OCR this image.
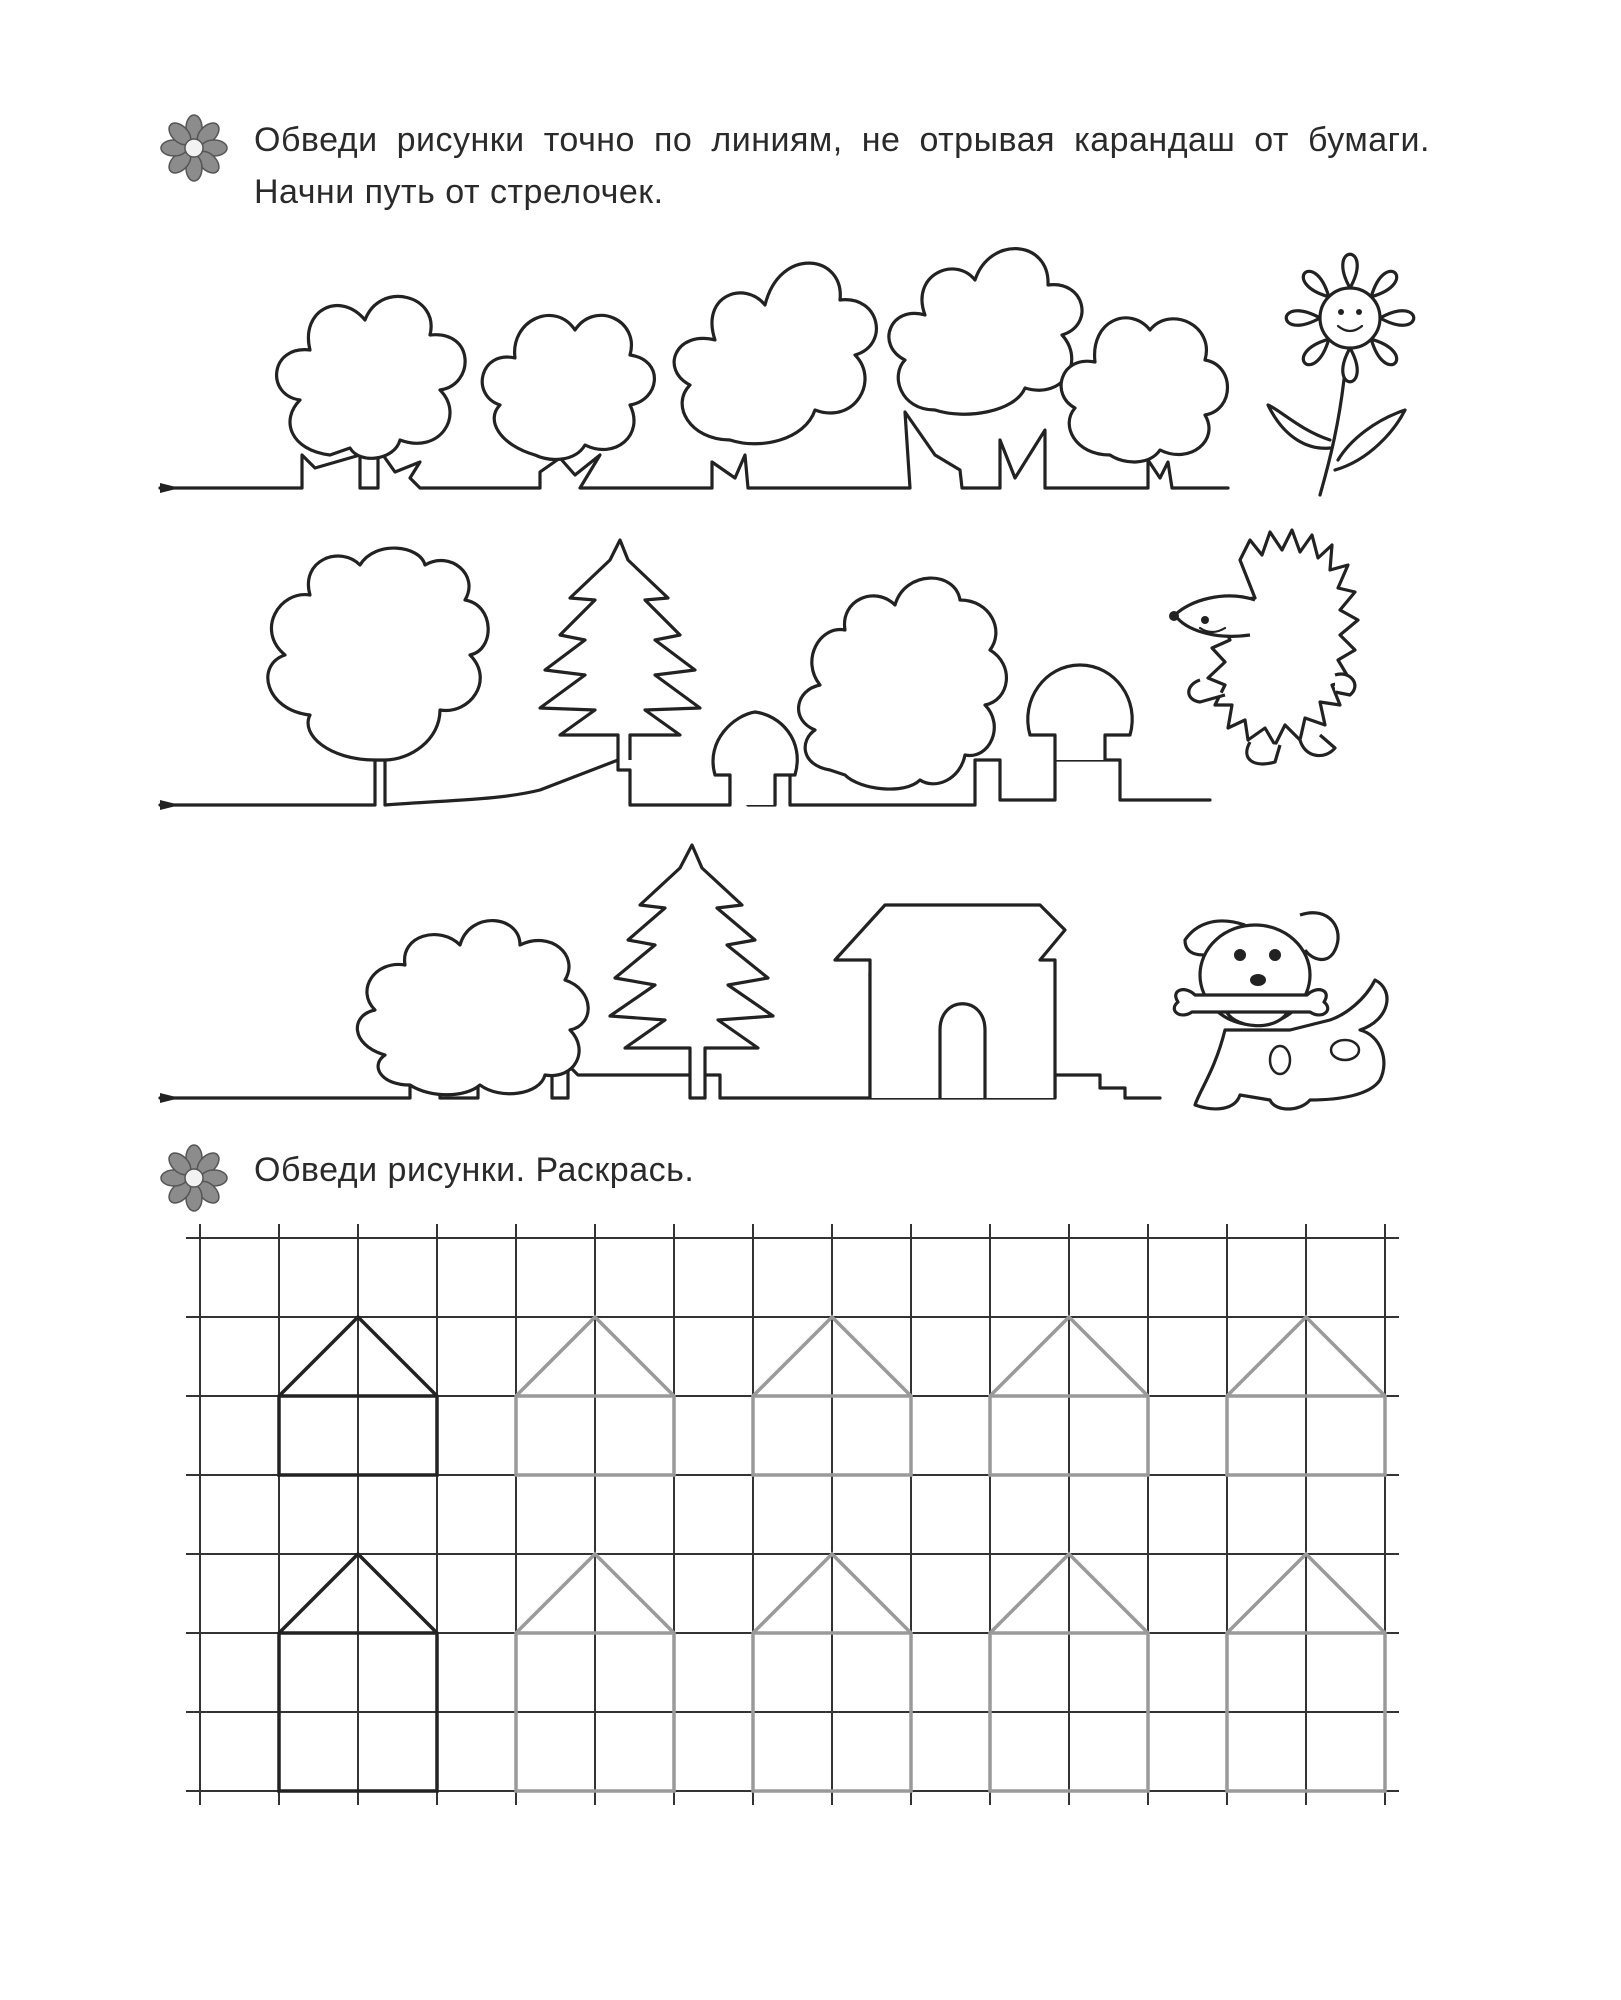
Обведи рисунки точно по линиям, не отрывая карандаш от бумаги. Начни путь от стрелочек.
Обведи рисунки. Раскрась.
